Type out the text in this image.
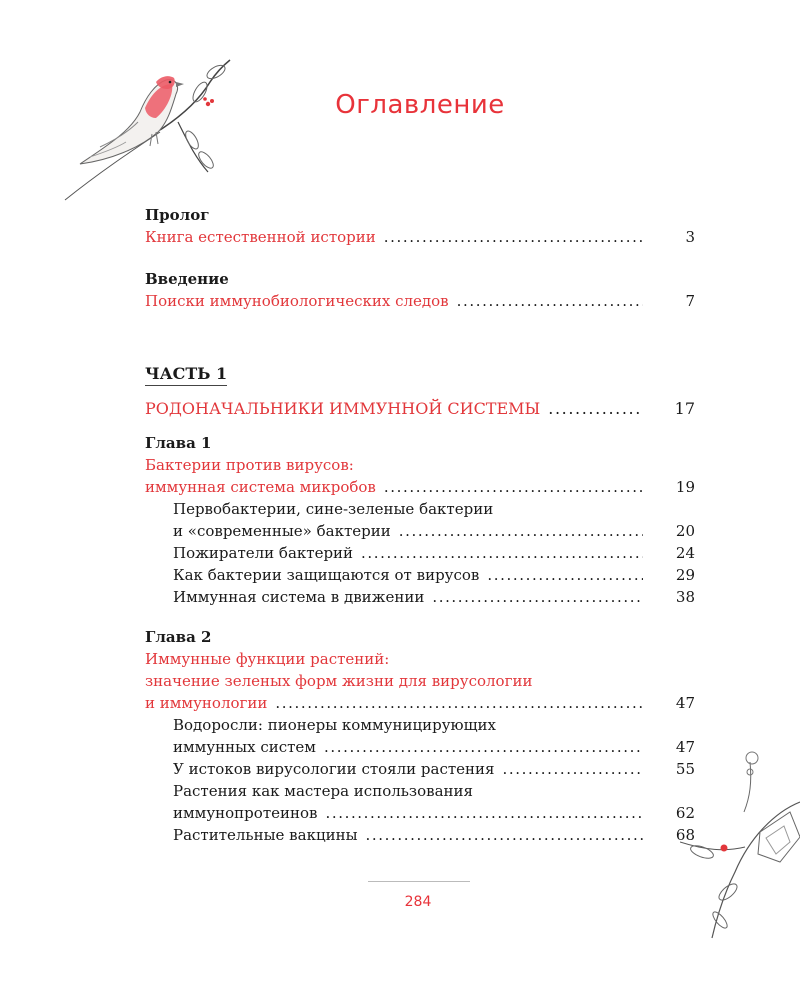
Оглавление
Пролог
Книга естественной истории .....	3
Введение
Поиски иммунобиологических следов .....	7
ЧАСТЬ 1
РОДОНАЧАЛЬНИКИ ИММУННОЙ СИСТЕМЫ .....	17
Глава 1
Бактерии против вирусов:
иммунная система микробов .....	19
Первобактерии, сине-зеленые бактерии
и «современные» бактерии .....	20
Пожиратели бактерий .....	24
Как бактерии защищаются от вирусов .....	29
Иммунная система в движении .....	38
Глава 2
Иммунные функции растений:
значение зеленых форм жизни для вирусологии
и иммунологии .....	47
Водоросли: пионеры коммуницирующих
иммунных систем .....	47
У истоков вирусологии стояли растения .....	55
Растения как мастера использования
иммунопротеинов .....	62
Растительные вакцины .....	68
284
